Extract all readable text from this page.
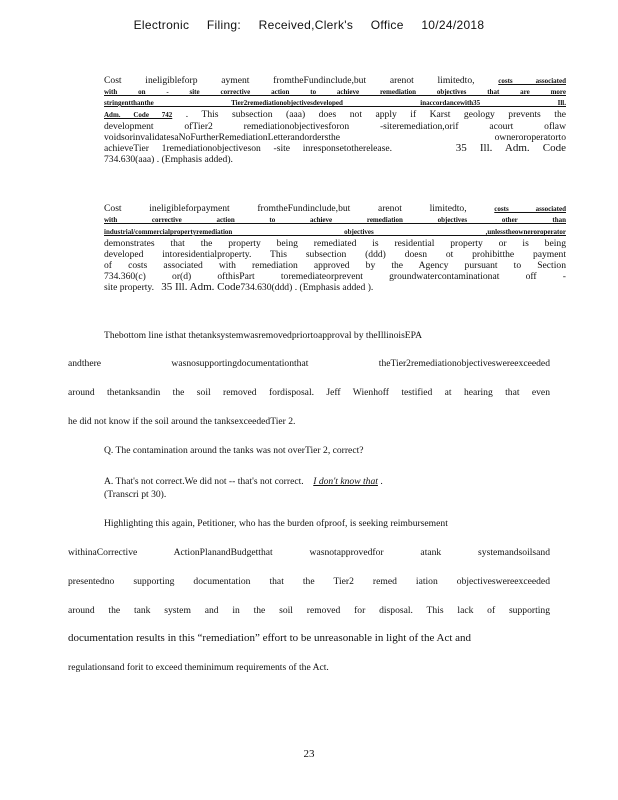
Electronic Filing: Received,Clerk's Office 10/24/2018
Cost ineligibleforp ayment fromtheFundinclude,but arenot limitedto,	costs associated
with on - site corrective action to achieve remediation objectives that are more
stringentthanthe Tier2remediationobjectivesdeveloped inaccordancewith35 Ill.
Adm. Code 742 . This subsection (aaa) does not apply if Karst geology prevents the
development ofTier2 remediationobjectivesforon -siteremediation,orif acourt oflaw
voidsorinvalidatesaNoFurtherRemediationLetterandordersthe owneroroperatorto
achieveTier 1remediationobjectiveson -site inresponsetotherelease.	35 Ill. Adm. Code
734.630(aaa) . (Emphasis added).
Cost ineligibleforpayment fromtheFundinclude,but arenot limitedto,	costs associated
with corrective action to achieve remediation objectives other than
industrial/commercialpropertyremediation objectives ,unlesstheowneroroperator
demonstrates that the property being remediated is residential property or is being
developed intoresidentialproperty. This subsection (ddd) doesn ot prohibitthe payment
of costs associated with remediation approved by the Agency pursuant to Section
734.360(c) or(d) ofthisPart toremediateorprevent groundwatercontaminationat off -
site property. 35 Ill. Adm. Code734.630(ddd) . (Emphasis added ).
Thebottom line isthat thetanksystemwasremovedpriortoapproval by theIllinoisEPA
andthere wasnosupportingdocumentationthat theTier2remediationobjectiveswereexceeded
around thetanksandin the soil removed fordisposal. Jeff Wienhoff testified at hearing that even
he did not know if the soil around the tanksexceededTier 2.
Q. The contamination around the tanks was not overTier 2, correct?
A. That's not correct.We did not -- that's not correct. I don't know that .
(Transcri pt 30).
Highlighting this again, Petitioner, who has the burden ofproof, is seeking reimbursement
withinaCorrective ActionPlanandBudgetthat wasnotapprovedfor atank systemandsoilsand
presentedno supporting documentation that the Tier2 remed iation objectiveswereexceeded
around the tank system and in the soil removed for disposal. This lack of supporting
documentation results in this “remediation” effort to be unreasonable in light of the Act and
regulationsand forit to exceed theminimum requirements of the Act.
23
